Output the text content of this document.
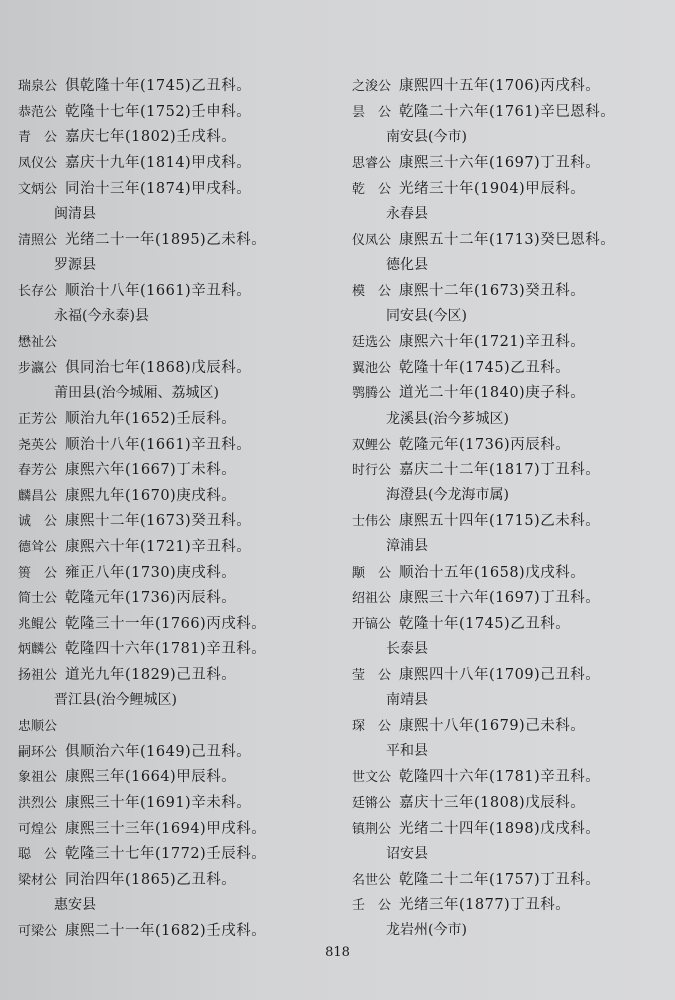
瑞泉公 俱乾隆十年(1745)乙丑科。
恭范公 乾隆十七年(1752)壬申科。
青　公 嘉庆七年(1802)壬戌科。
凤仪公 嘉庆十九年(1814)甲戌科。
文炳公 同治十三年(1874)甲戌科。
闽清县
清照公 光绪二十一年(1895)乙未科。
罗源县
长存公 顺治十八年(1661)辛丑科。
永福(今永泰)县
懋祉公
步瀛公 俱同治七年(1868)戊辰科。
莆田县(治今城厢、荔城区)
正芳公 顺治九年(1652)壬辰科。
尧英公 顺治十八年(1661)辛丑科。
春芳公 康熙六年(1667)丁未科。
麟昌公 康熙九年(1670)庚戌科。
诚　公 康熙十二年(1673)癸丑科。
德耸公 康熙六十年(1721)辛丑科。
篑　公 雍正八年(1730)庚戌科。
简士公 乾隆元年(1736)丙辰科。
兆鲲公 乾隆三十一年(1766)丙戌科。
炳麟公 乾隆四十六年(1781)辛丑科。
扬祖公 道光九年(1829)己丑科。
晋江县(治今鲤城区)
忠顺公
嗣环公 俱顺治六年(1649)己丑科。
象祖公 康熙三年(1664)甲辰科。
洪烈公 康熙三十年(1691)辛未科。
可煌公 康熙三十三年(1694)甲戌科。
聪　公 乾隆三十七年(1772)壬辰科。
梁材公 同治四年(1865)乙丑科。
惠安县
可梁公 康熙二十一年(1682)壬戌科。
之浚公 康熙四十五年(1706)丙戌科。
昙　公 乾隆二十六年(1761)辛巳恩科。
南安县(今市)
思睿公 康熙三十六年(1697)丁丑科。
乾　公 光绪三十年(1904)甲辰科。
永春县
仪凤公 康熙五十二年(1713)癸巳恩科。
德化县
模　公 康熙十二年(1673)癸丑科。
同安县(今区)
廷选公 康熙六十年(1721)辛丑科。
翼池公 乾隆十年(1745)乙丑科。
鹗腾公 道光二十年(1840)庚子科。
龙溪县(治今芗城区)
双鲤公 乾隆元年(1736)丙辰科。
时行公 嘉庆二十二年(1817)丁丑科。
海澄县(今龙海市属)
士伟公 康熙五十四年(1715)乙未科。
漳浦县
颙　公 顺治十五年(1658)戊戌科。
绍祖公 康熙三十六年(1697)丁丑科。
开镐公 乾隆十年(1745)乙丑科。
长泰县
莹　公 康熙四十八年(1709)己丑科。
南靖县
琛　公 康熙十八年(1679)己未科。
平和县
世文公 乾隆四十六年(1781)辛丑科。
廷锵公 嘉庆十三年(1808)戊辰科。
镇荆公 光绪二十四年(1898)戊戌科。
诏安县
名世公 乾隆二十二年(1757)丁丑科。
壬　公 光绪三年(1877)丁丑科。
龙岩州(今市)
818
